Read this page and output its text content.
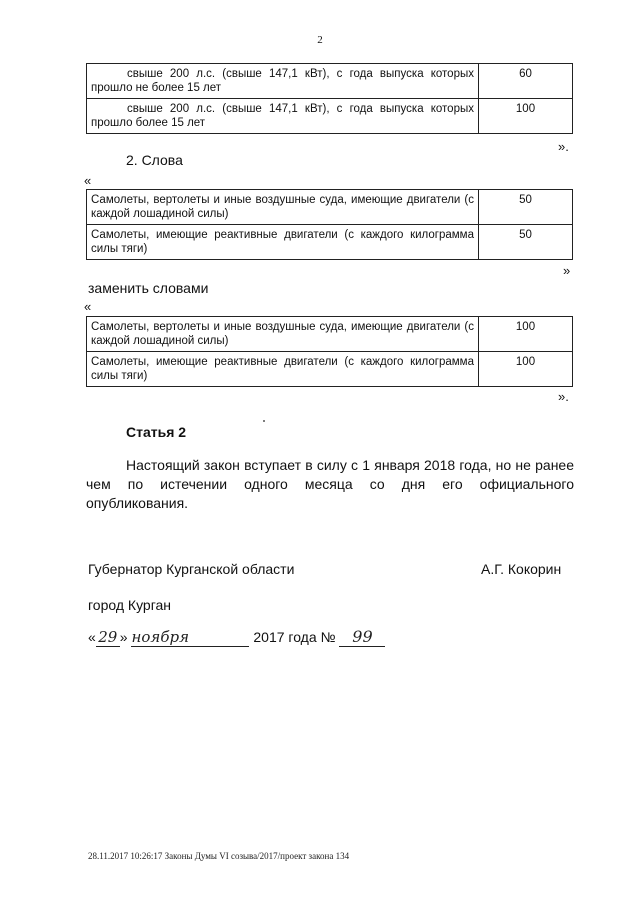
2
свыше 200 л.с. (свыше 147,1 кВт), с года выпуска которых прошло не более 15 лет	60
свыше 200 л.с. (свыше 147,1 кВт), с года выпуска которых прошло более 15 лет	100
».
2. Слова
«
Самолеты, вертолеты и иные воздушные суда, имеющие двигатели (с каждой лошадиной силы)	50
Самолеты, имеющие реактивные двигатели (с каждого килограмма силы тяги)	50
»
заменить словами
«
Самолеты, вертолеты и иные воздушные суда, имеющие двигатели (с каждой лошадиной силы)	100
Самолеты, имеющие реактивные двигатели (с каждого килограмма силы тяги)	100
».
Статья 2
Настоящий закон вступает в силу с 1 января 2018 года, но не ранее чем по истечении одного месяца со дня его официального опубликования.
Губернатор Курганской области	А.Г. Кокорин
город Курган
« 29 » ноября	2017 года № 99
28.11.2017 10:26:17 Законы Думы VI созыва/2017/проект закона 134
